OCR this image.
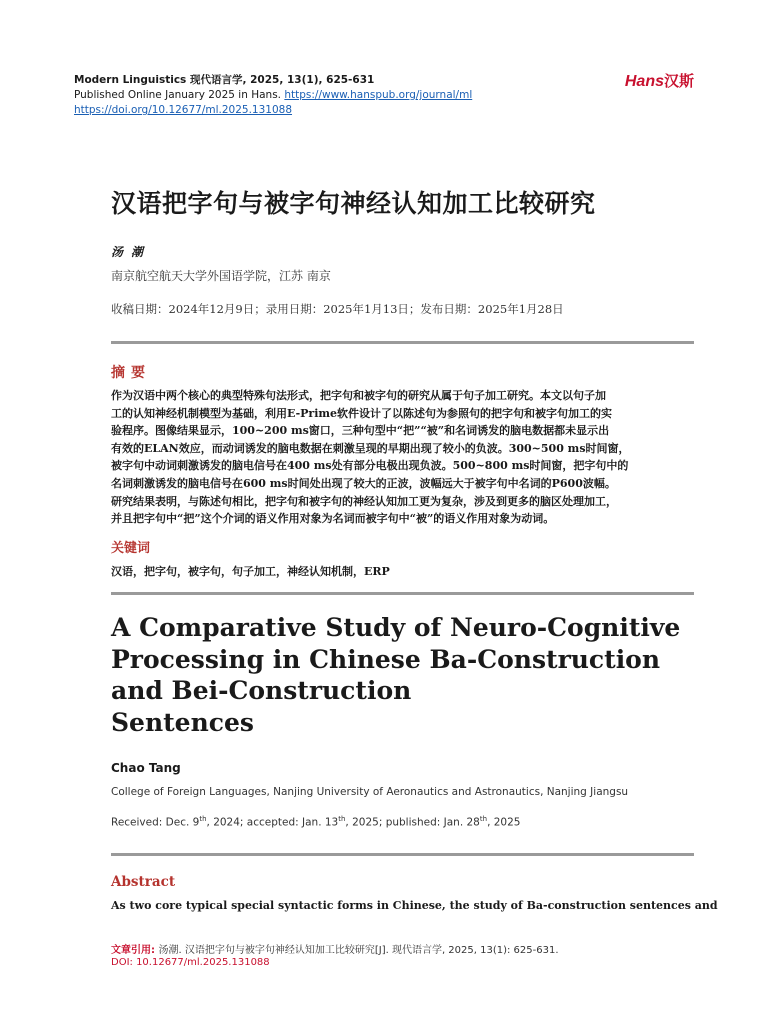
Modern Linguistics 现代语言学, 2025, 13(1), 625-631
Published Online January 2025 in Hans. https://www.hanspub.org/journal/ml
https://doi.org/10.12677/ml.2025.131088
Hans汉斯
汉语把字句与被字句神经认知加工比较研究
汤潮
南京航空航天大学外国语学院，江苏 南京
收稿日期：2024年12月9日；录用日期：2025年1月13日；发布日期：2025年1月28日
摘要

作为汉语中两个核心的典型特殊句法形式，把字句和被字句的研究从属于句子加工研究。本文以句子加

工的认知神经机制模型为基础，利用E-Prime软件设计了以陈述句为参照句的把字句和被字句加工的实

验程序。图像结果显示，100~200 ms窗口，三种句型中“把”“被”和名词诱发的脑电数据都未显示出

有效的ELAN效应，而动词诱发的脑电数据在刺激呈现的早期出现了较小的负波。300~500 ms时间窗，

被字句中动词刺激诱发的脑电信号在400 ms处有部分电极出现负波。500~800 ms时间窗，把字句中的

名词刺激诱发的脑电信号在600 ms时间处出现了较大的正波，波幅远大于被字句中名词的P600波幅。

研究结果表明，与陈述句相比，把字句和被字句的神经认知加工更为复杂，涉及到更多的脑区处理加工，

并且把字句中“把”这个介词的语义作用对象为名词而被字句中“被”的语义作用对象为动词。

关键词
汉语，把字句，被字句，句子加工，神经认知机制，ERP
A Comparative Study of Neuro-Cognitive
Processing in Chinese Ba-Construction
and Bei-Construction
Sentences
Chao Tang
College of Foreign Languages, Nanjing University of Aeronautics and Astronautics, Nanjing Jiangsu
Received: Dec. 9th, 2024; accepted: Jan. 13th, 2025; published: Jan. 28th, 2025
Abstract
As two core typical special syntactic forms in Chinese, the study of Ba-construction sentences and
文章引用: 汤潮. 汉语把字句与被字句神经认知加工比较研究[J]. 现代语言学, 2025, 13(1): 625-631.
DOI: 10.12677/ml.2025.131088
